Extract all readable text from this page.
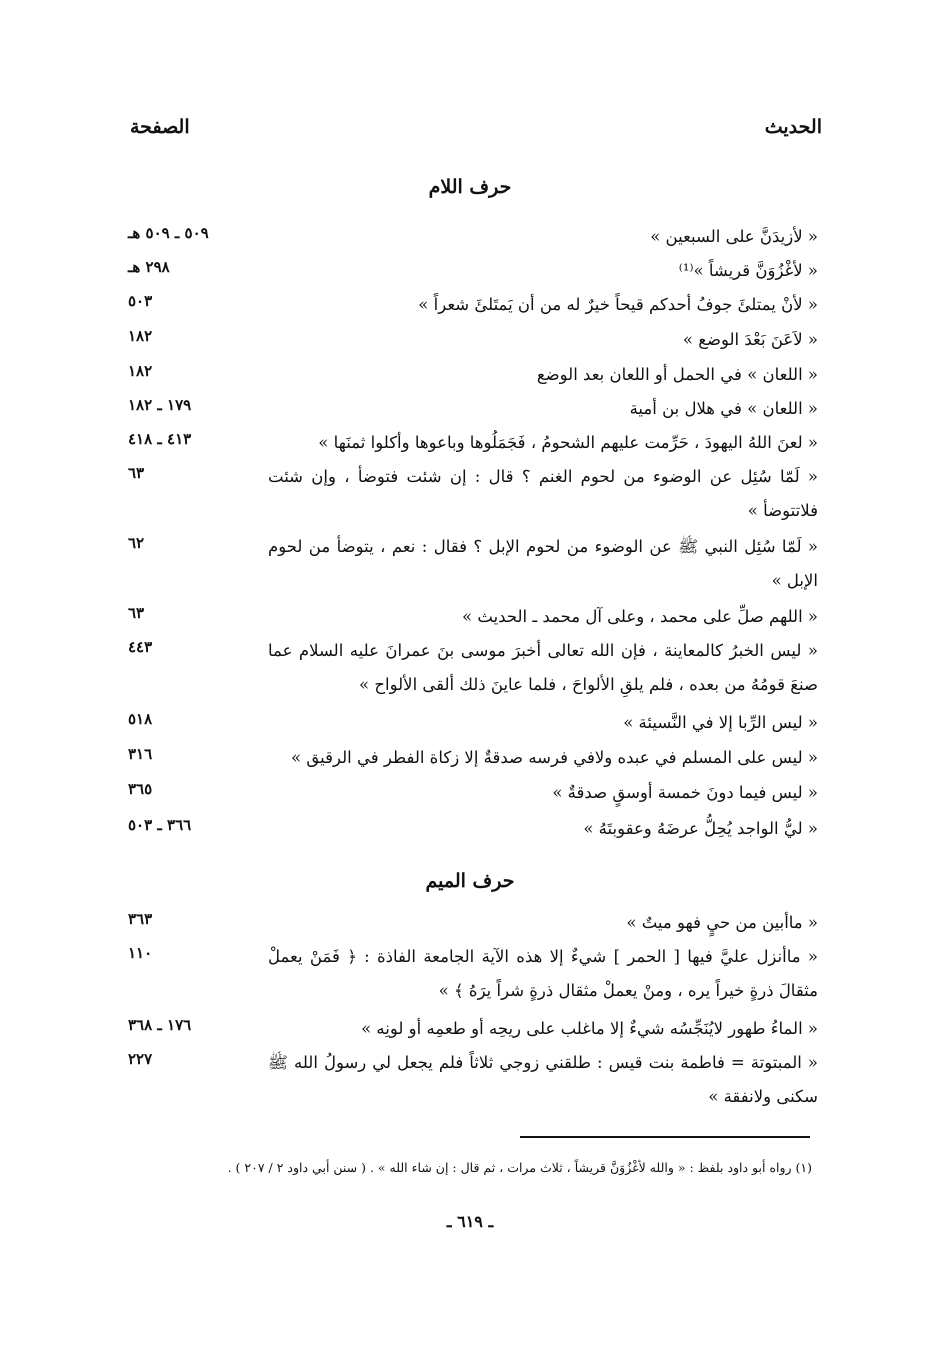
الحديث
الصفحة
حرف اللام
« لأزيدَنَّ على السبعين »
٥٠٩ ـ ٥٠٩ هـ
« لأغْزُوَنَّ قريشاً »⁽¹⁾
٢٩٨ هـ
« لأنْ يمتلئَ جوفُ أحدكم قيحاً خيرٌ له من أن يَمتَلئَ شعراً »
٥٠٣
« لاَعَنَ بَعْدَ الوضع »
١٨٢
« اللعان » في الحمل أو اللعان بعد الوضع
١٨٢
« اللعان » في هلال بن أمية
١٧٩ ـ ١٨٢
« لعنَ اللهُ اليهودَ ، حَرِّمت عليهم الشحومُ ، فَجَمَلُوها وباعوها وأكلوا ثمنَها »
٤١٣ ـ ٤١٨
« لَمّا سُئِل عن الوضوء من لحوم الغنم ؟ قال : إن شئت فتوضأ ، وإن شئت فلاتتوضأ »
٦٣
« لَمّا سُئِل النبي ﷺ عن الوضوء من لحوم الإبل ؟ فقال : نعم ، يتوضأ من لحوم الإبل »
٦٢
« اللهم صلِّ على محمد ، وعلى آل محمد ـ الحديث »
٦٣
« ليس الخبرُ كالمعاينة ، فإن الله تعالى أخبرَ موسى بنَ عمرانَ عليه السلام عما صنعَ قومُهُ من بعده ، فلم يلقِ الألواحَ ، فلما عاينَ ذلك ألقى الألواح »
٤٤٣
« ليس الرِّبا إلا في النَّسيئة »
٥١٨
« ليس على المسلم في عبده ولافي فرسه صدقةٌ إلا زكاة الفطر في الرقيق »
٣١٦
« ليس فيما دونَ خمسة أوسقٍ صدقةٌ »
٣٦٥
« ليُّ الواجد يُحِلُّ عرضَهُ وعقوبتَهُ »
٣٦٦ ـ ٥٠٣
حرف الميم
« ماأبين من حيٍ فهو ميتٌ »
٣٦٣
« ماأنزل عليَّ فيها [ الحمر ] شيءٌ إلا هذه الآية الجامعة الفاذة : ﴿ فَمَنْ يعملْ مثقالَ ذرةٍ خيراً يره ، ومنْ يعملْ مثقال ذرةٍ شراً يرَهُ ﴾ »
١١٠
« الماءُ طهور لايُنَجِّسُه شيءٌ إلا ماغلب على ريحِه أو طعمِه أو لونِه »
١٧٦ ـ ٣٦٨
« المبتوتة = فاطمة بنت قيس : طلقني زوجي ثلاثاً فلم يجعل لي رسولُ الله ﷺ سكنى ولانفقة »
٢٢٧
(١) رواه أبو داود بلفظ : « والله لأغْزُوَنَّ قريشاً ، ثلاث مرات ، ثم قال : إن شاء الله » . ( سنن أبي داود ٢ / ٢٠٧ ) .
ـ ٦١٩ ـ
